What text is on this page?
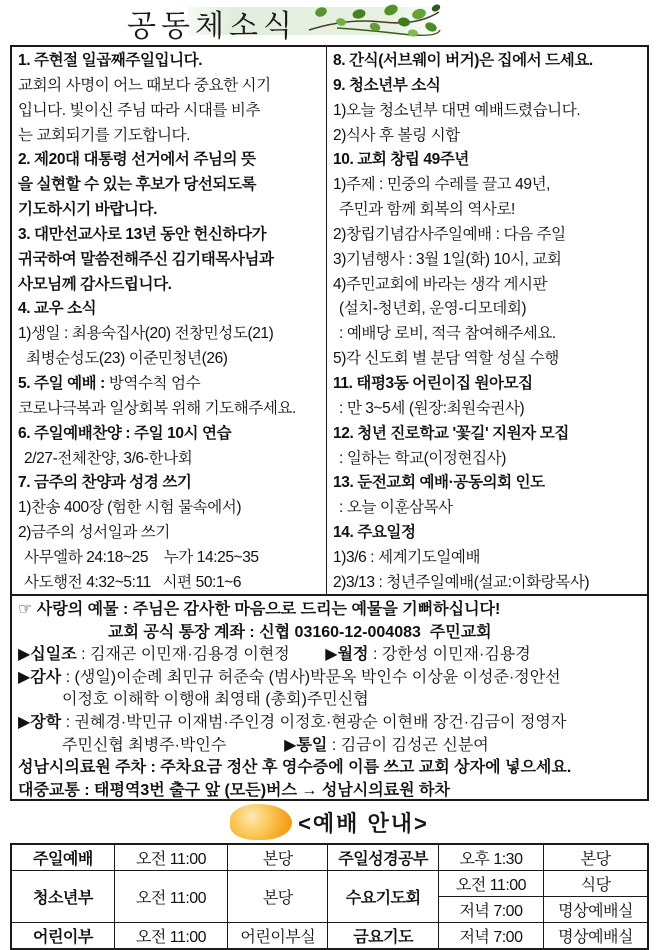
공동체소식
1. 주현절 일곱째주일입니다.
교회의 사명이 어느 때보다 중요한 시기
입니다. 빛이신 주님 따라 시대를 비추
는 교회되기를 기도합니다.
2. 제20대 대통령 선거에서 주님의 뜻
을 실현할 수 있는 후보가 당선되도록
기도하시기 바랍니다.
3. 대만선교사로 13년 동안 헌신하다가
귀국하여 말씀전해주신 김기태목사님과
사모님께 감사드립니다.
4. 교우 소식
1)생일 : 최용숙집사(20) 전창민성도(21)
최병순성도(23) 이준민청년(26)
5. 주일 예배 : 방역수칙 엄수
코로나극복과 일상회복 위해 기도해주세요.
6. 주일예배찬양 : 주일 10시 연습
2/27-전체찬양, 3/6-한나회
7. 금주의 찬양과 성경 쓰기
1)찬송 400장 (험한 시험 물속에서)
2)금주의 성서일과 쓰기
사무엘하 24:18~25    누가 14:25~35
사도행전 4:32~5:11   시편 50:1~6
8. 간식(서브웨이 버거)은 집에서 드세요.
9. 청소년부 소식
1)오늘 청소년부 대면 예배드렸습니다.
2)식사 후 볼링 시합
10. 교회 창립 49주년
1)주제 : 민중의 수레를 끌고 49년,
주민과 함께 회복의 역사로!
2)창립기념감사주일예배 : 다음 주일
3)기념행사 : 3월 1일(화) 10시, 교회
4)주민교회에 바라는 생각 게시판
(설치-청년회, 운영-디모데회)
: 예배당 로비, 적극 참여해주세요.
5)각 신도회 별 분담 역할 성실 수행
11. 태평3동 어린이집 원아모집
: 만 3~5세 (원장:최원숙권사)
12. 청년 진로학교 '꽃길' 지원자 모집
: 일하는 학교(이정현집사)
13. 둔전교회 예배·공동의회 인도
: 오늘 이훈삼목사
14. 주요일정
1)3/6 : 세계기도일예배
2)3/13 : 청년주일예배(설교:이화랑목사)
☞ 사랑의 예물 : 주님은 감사한 마음으로 드리는 예물을 기뻐하십니다!
교회 공식 통장 계좌 : 신협 03160-12-004083  주민교회
▶십일조 : 김재곤 이민재·김용경 이현정 ▶월정 : 강한성 이민재·김용경
▶감사 : (생일)이순례 최민규 허준숙 (범사)박문옥 박인수 이상윤 이성준·정안선
이정호 이해학 이행애 최영태 (총회)주민신협
▶장학 : 권혜경·박민규 이재범·주인경 이정호·현광순 이현배 장건·김금이 정영자
주민신협 최병주·박인수	▶통일 : 김금이 김성곤 신분여
성남시의료원 주차 : 주차요금 정산 후 영수증에 이름 쓰고 교회 상자에 넣으세요.
대중교통 : 태평역3번 출구 앞 (모든)버스 → 성남시의료원 하차
<예배 안내>
주일예배	오전 11:00	본당	주일성경공부	오후 1:30	본당
청소년부	오전 11:00	본당	수요기도회	오전 11:00	식당
				저녁 7:00	명상예배실
어린이부	오전 11:00	어린이부실	금요기도	저녁 7:00	명상예배실
